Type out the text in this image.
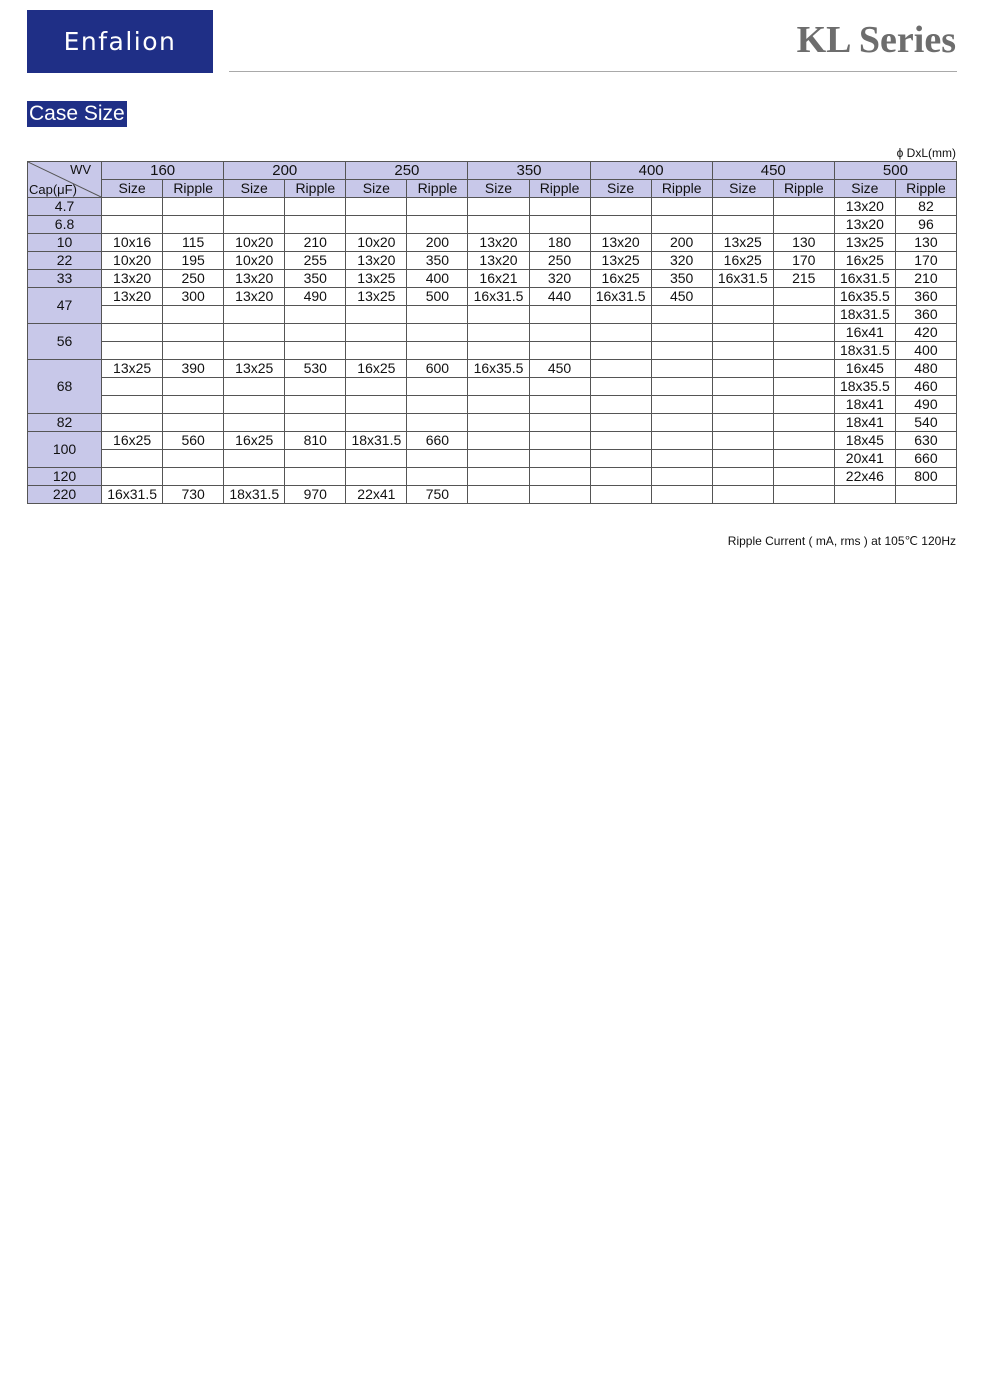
Enfalion	KL Series
Case Size
ϕ DxL(mm)
WV
Cap(μF)	160		200		250		350		400		450		500	
	Size	Ripple	Size	Ripple	Size	Ripple	Size	Ripple	Size	Ripple	Size	Ripple	Size	Ripple
4.7													13x20	82
6.8													13x20	96
10	10x16	115	10x20	210	10x20	200	13x20	180	13x20	200	13x25	130	13x25	130
22	10x20	195	10x20	255	13x20	350	13x20	250	13x25	320	16x25	170	16x25	170
33	13x20	250	13x20	350	13x25	400	16x21	320	16x25	350	16x31.5	215	16x31.5	210
47	13x20	300	13x20	490	13x25	500	16x31.5	440	16x31.5	450			16x35.5	360
													18x31.5	360
56													16x41	420
													18x31.5	400
68	13x25	390	13x25	530	16x25	600	16x35.5	450					16x45	480
													18x35.5	460
													18x41	490
82													18x41	540
100	16x25	560	16x25	810	18x31.5	660							18x45	630
													20x41	660
120													22x46	800
220	16x31.5	730	18x31.5	970	22x41	750								
Ripple Current ( mA, rms ) at 105℃ 120Hz
